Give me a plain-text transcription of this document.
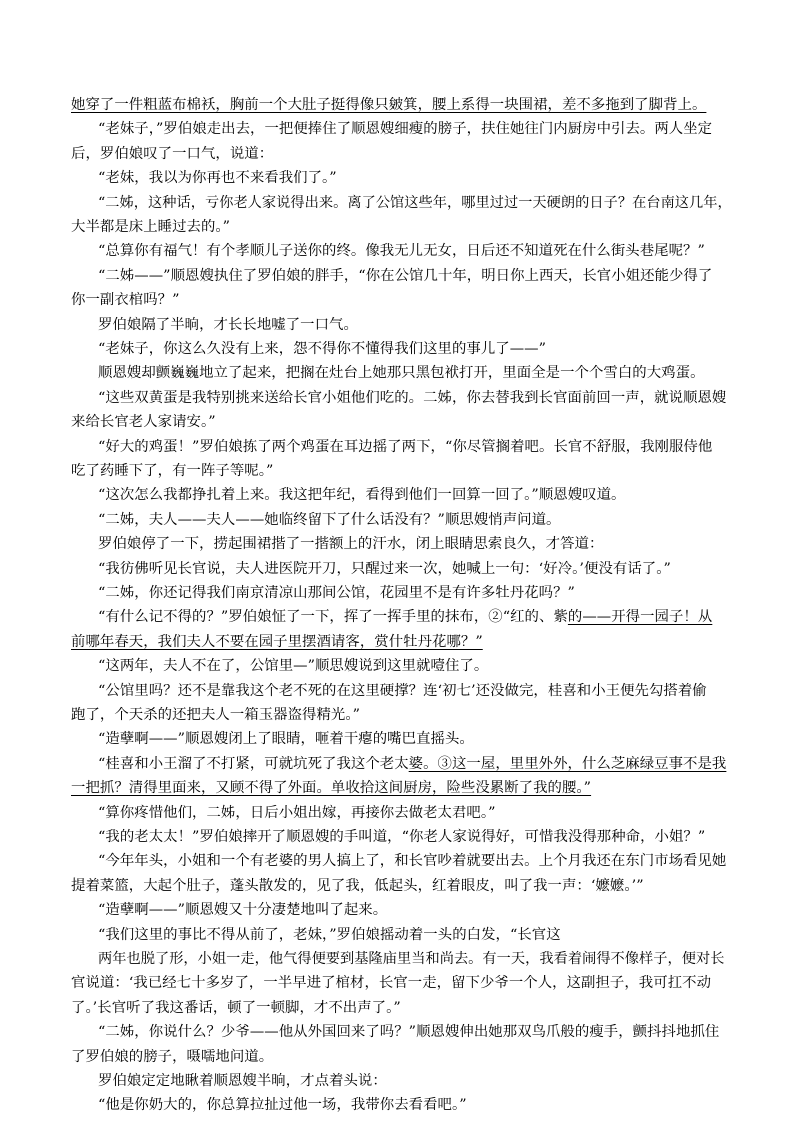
她穿了一件粗蓝布棉袄，胸前一个大肚子挺得像只皴箕，腰上系得一块围裙，差不多拖到了脚背上。
“老妹子，”罗伯娘走出去，一把便捧住了顺恩嫂细瘦的膀子，扶住她往门内厨房中引去。两人坐定
后，罗伯娘叹了一口气，说道：
“老妹，我以为你再也不来看我们了。”
“二姊，这种话，亏你老人家说得出来。离了公馆这些年，哪里过过一天硬朗的日子？在台南这几年，
大半都是床上睡过去的。”
“总算你有福气！有个孝顺儿子送你的终。像我无儿无女，日后还不知道死在什么街头巷尾呢？”
“二姊——”顺恩嫂执住了罗伯娘的胖手，“你在公馆几十年，明日你上西天，长官小姐还能少得了
你一副衣棺吗？”
罗伯娘隔了半晌，才长长地嘘了一口气。
“老妹子，你这么久没有上来，怨不得你不懂得我们这里的事儿了——”
顺恩嫂却颤巍巍地立了起来，把搁在灶台上她那只黑包袱打开，里面全是一个个雪白的大鸡蛋。
“这些双黄蛋是我特别挑来送给长官小姐他们吃的。二姊，你去替我到长官面前回一声，就说顺恩嫂
来给长官老人家请安。”
“好大的鸡蛋！”罗伯娘拣了两个鸡蛋在耳边摇了两下，“你尽管搁着吧。长官不舒服，我刚服侍他
吃了药睡下了，有一阵子等呢。”
“这次怎么我都挣扎着上来。我这把年纪，看得到他们一回算一回了。”顺恩嫂叹道。
“二姊，夫人——夫人——她临终留下了什么话没有？”顺思嫂悄声问道。
罗伯娘停了一下，捞起围裙揩了一揩额上的汗水，闭上眼睛思索良久，才答道：
“我彷佛听见长官说，夫人进医院开刀，只醒过来一次，她喊上一句：‘好冷。’便没有话了。”
“二姊，你还记得我们南京清凉山那间公馆，花园里不是有许多牡丹花吗？”
“有什么记不得的？”罗伯娘怔了一下，挥了一挥手里的抹布，②“红的、紫的——开得一园子！从
前哪年春天，我们夫人不要在园子里摆酒请客，赏什牡丹花哪？”
“这两年，夫人不在了，公馆里—”顺思嫂说到这里就噎住了。
“公馆里吗？还不是靠我这个老不死的在这里硬撑？连‘初七’还没做完，桂喜和小王便先勾搭着偷
跑了，个天杀的还把夫人一箱玉器盗得精光。”
“造孽啊——”顺恩嫂闭上了眼睛，咂着干瘪的嘴巴直摇头。
“桂喜和小王溜了不打紧，可就坑死了我这个老太婆。③这一屋，里里外外，什么芝麻绿豆事不是我
一把抓？清得里面来，又顾不得了外面。单收拾这间厨房，险些没累断了我的腰。”
“算你疼惜他们，二姊，日后小姐出嫁，再接你去做老太君吧。”
“我的老太太！”罗伯娘摔开了顺恩嫂的手叫道，“你老人家说得好，可惜我没得那种命，小姐？”
“今年年头，小姐和一个有老婆的男人搞上了，和长官吵着就要出去。上个月我还在东门市场看见她
提着菜篮，大起个肚子，蓬头散发的，见了我，低起头，红着眼皮，叫了我一声：‘嬷嬷。’”
“造孽啊——”顺恩嫂又十分凄楚地叫了起来。
“我们这里的事比不得从前了，老妹，”罗伯娘摇动着一头的白发，“长官这
两年也脱了形，小姐一走，他气得便要到基隆庙里当和尚去。有一天，我看着闹得不像样子，便对长
官说道：‘我已经七十多岁了，一半早进了棺材，长官一走，留下少爷一个人，这副担子，我可扛不动
了。’长官听了我这番话，顿了一顿脚，才不出声了。”
“二姊，你说什么？少爷——他从外国回来了吗？”顺恩嫂伸出她那双鸟爪般的瘦手，颤抖抖地抓住
了罗伯娘的膀子，嗫嚅地问道。
罗伯娘定定地瞅着顺恩嫂半晌，才点着头说：
“他是你奶大的，你总算拉扯过他一场，我带你去看看吧。”
